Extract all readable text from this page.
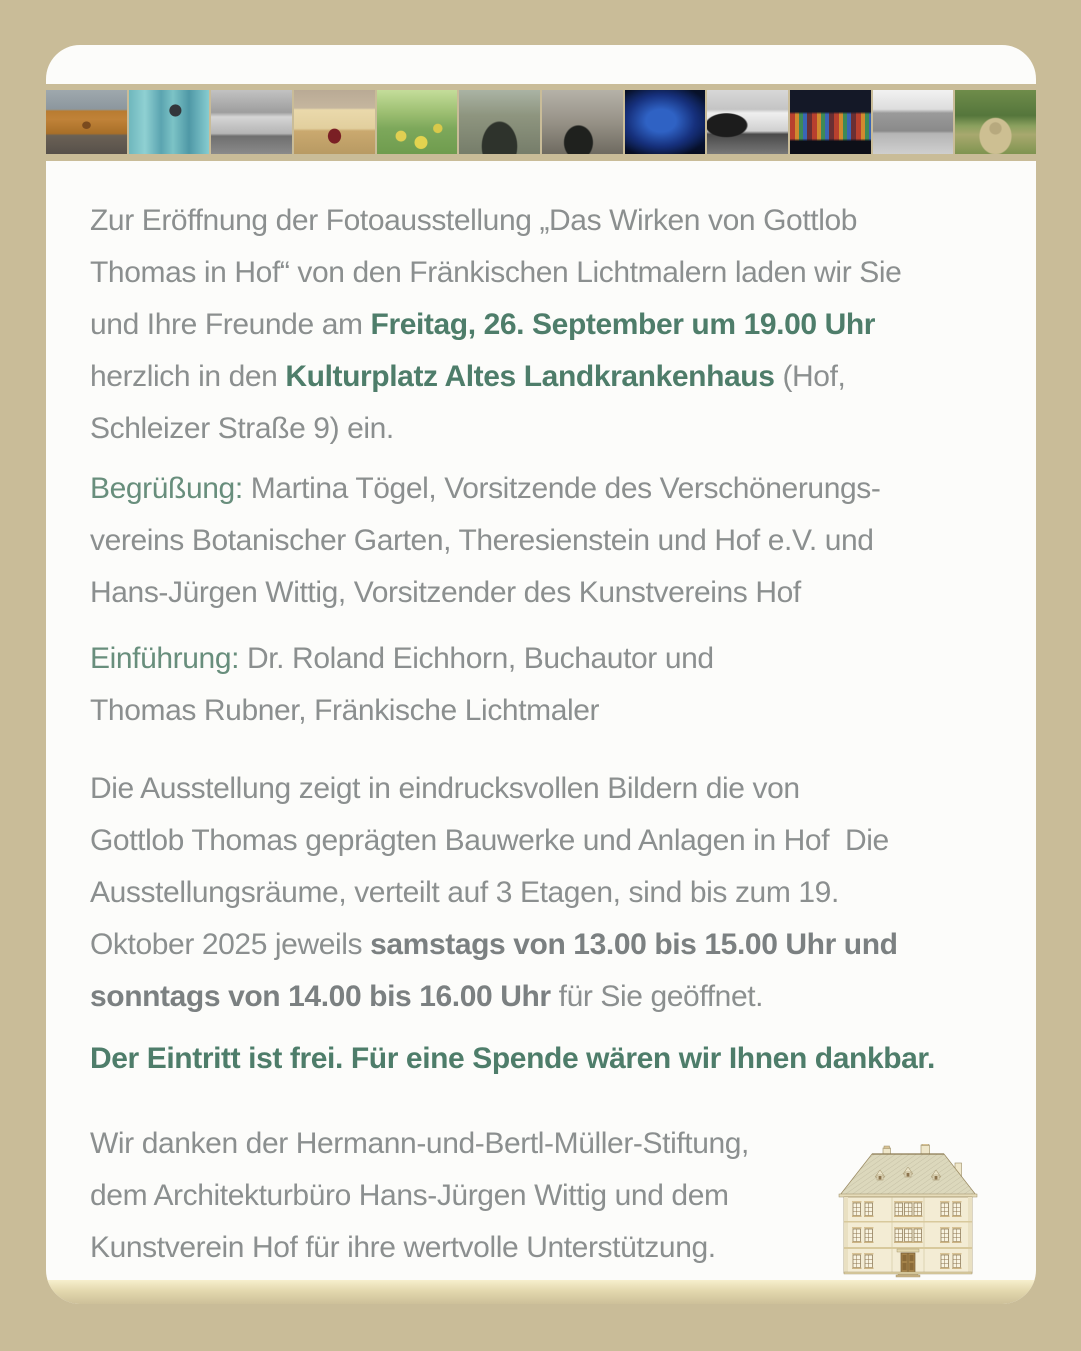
Zur Eröffnung der Fotoausstellung „Das Wirken von Gottlob
Thomas in Hof“ von den Fränkischen Lichtmalern laden wir Sie
und Ihre Freunde am Freitag, 26. September um 19.00 Uhr
herzlich in den Kulturplatz Altes Landkrankenhaus (Hof,
Schleizer Straße 9) ein.
Begrüßung: Martina Tögel, Vorsitzende des Verschönerungs-
vereins Botanischer Garten, Theresienstein und Hof e.V. und
Hans-Jürgen Wittig, Vorsitzender des Kunstvereins Hof
Einführung: Dr. Roland Eichhorn, Buchautor und
Thomas Rubner, Fränkische Lichtmaler
Die Ausstellung zeigt in eindrucksvollen Bildern die von
Gottlob Thomas geprägten Bauwerke und Anlagen in Hof  Die
Ausstellungsräume, verteilt auf 3 Etagen, sind bis zum 19.
Oktober 2025 jeweils samstags von 13.00 bis 15.00 Uhr und
sonntags von 14.00 bis 16.00 Uhr für Sie geöffnet.
Der Eintritt ist frei. Für eine Spende wären wir Ihnen dankbar.
Wir danken der Hermann-und-Bertl-Müller-Stiftung,
dem Architekturbüro Hans-Jürgen Wittig und dem
Kunstverein Hof für ihre wertvolle Unterstützung.
